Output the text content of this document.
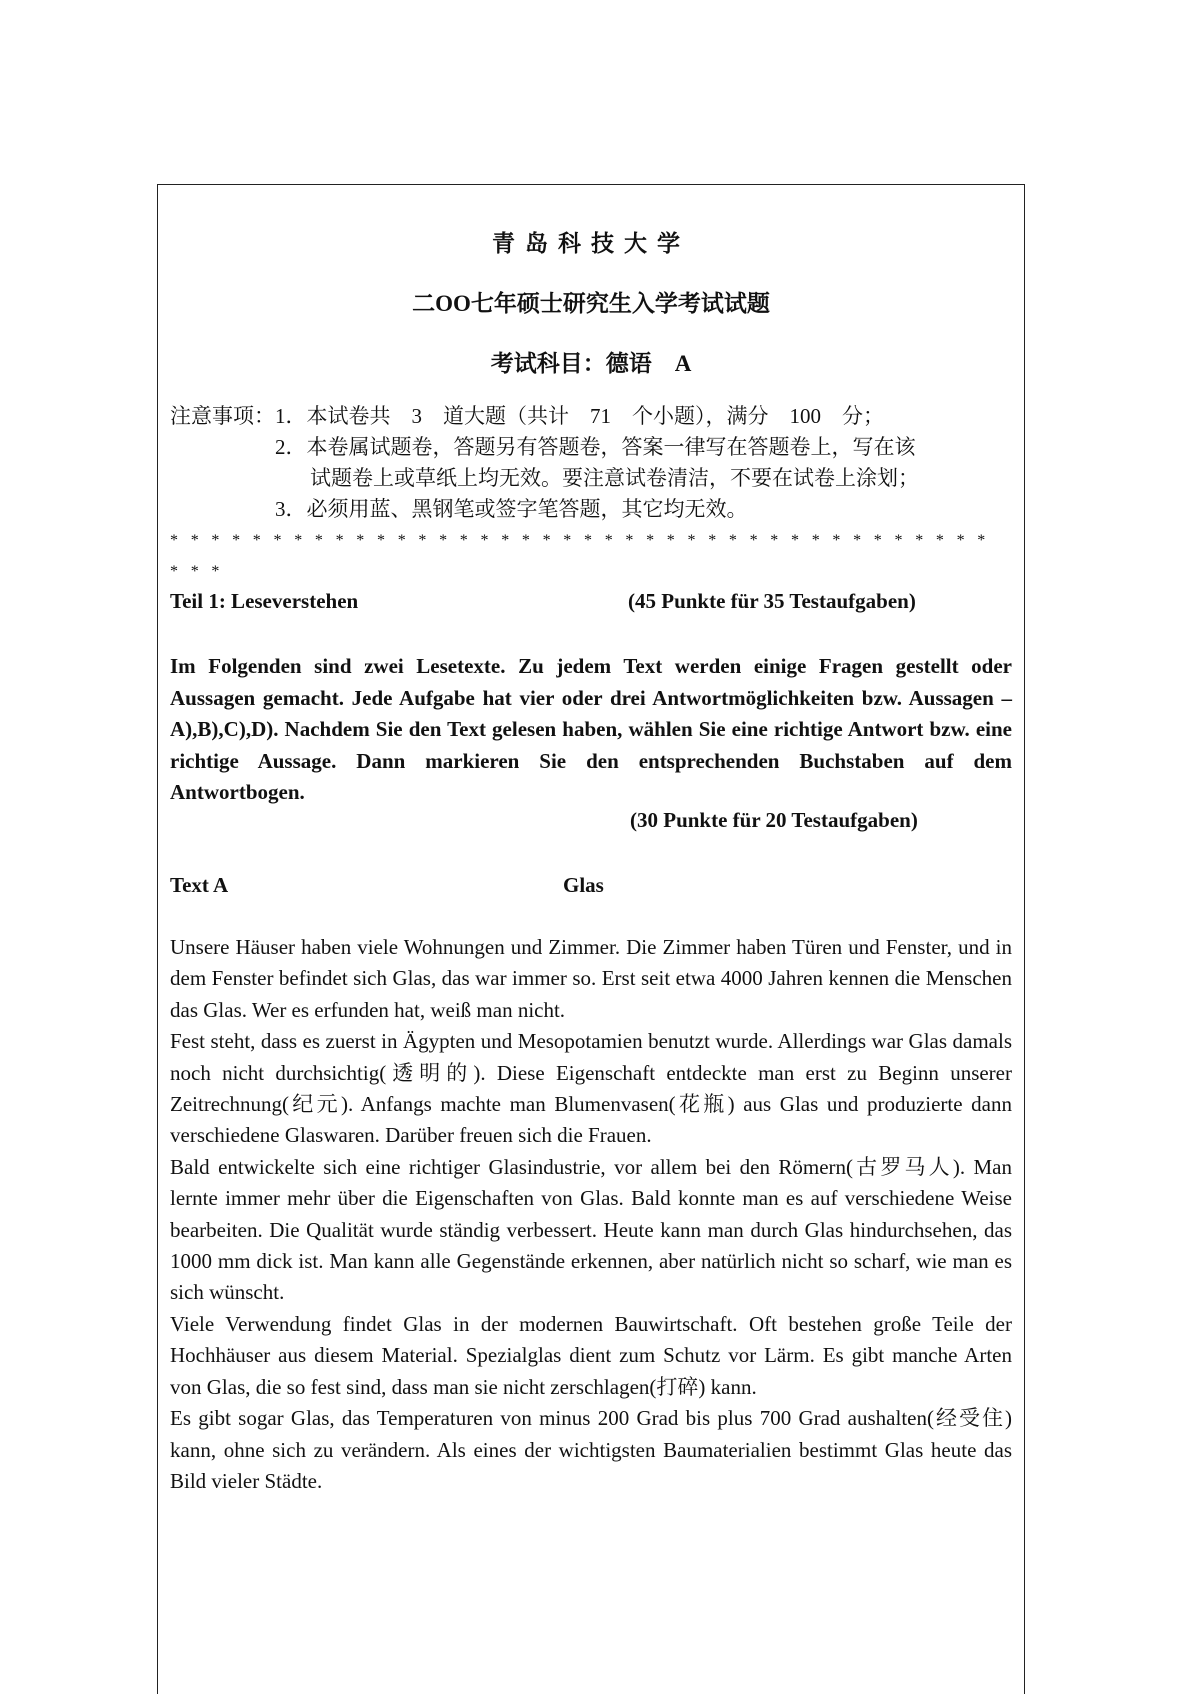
青岛科技大学
二OO七年硕士研究生入学考试试题
考试科目：德语　A
注意事项：1．本试卷共　3　道大题（共计　71　个小题），满分　100　分；
2．本卷属试题卷，答题另有答题卷，答案一律写在答题卷上，写在该
试题卷上或草纸上均无效。要注意试卷清洁，不要在试卷上涂划；
3．必须用蓝、黑钢笔或签字笔答题，其它均无效。
*******************************************
Teil 1: Leseverstehen	(45 Punkte für 35 Testaufgaben)
Im Folgenden sind zwei Lesetexte. Zu jedem Text werden einige Fragen gestellt oder Aussagen gemacht. Jede Aufgabe hat vier oder drei Antwortmöglichkeiten bzw. Aussagen – A),B),C),D). Nachdem Sie den Text gelesen haben, wählen Sie eine richtige Antwort bzw. eine richtige Aussage. Dann markieren Sie den entsprechenden Buchstaben auf dem Antwortbogen.
(30 Punkte für 20 Testaufgaben)
Text A	Glas

Unsere Häuser haben viele Wohnungen und Zimmer. Die Zimmer haben Türen und Fenster, und in dem Fenster befindet sich Glas, das war immer so. Erst seit etwa 4000 Jahren kennen die Menschen das Glas. Wer es erfunden hat, weiß man nicht.

Fest steht, dass es zuerst in Ägypten und Mesopotamien benutzt wurde. Allerdings war Glas damals noch nicht durchsichtig(透明的). Diese Eigenschaft entdeckte man erst zu Beginn unserer Zeitrechnung(纪元). Anfangs machte man Blumenvasen(花瓶) aus Glas und produzierte dann verschiedene Glaswaren. Darüber freuen sich die Frauen.

Bald entwickelte sich eine richtiger Glasindustrie, vor allem bei den Römern(古罗马人). Man lernte immer mehr über die Eigenschaften von Glas. Bald konnte man es auf verschiedene Weise bearbeiten. Die Qualität wurde ständig verbessert. Heute kann man durch Glas hindurchsehen, das 1000 mm dick ist. Man kann alle Gegenstände erkennen, aber natürlich nicht so scharf, wie man es sich wünscht.

Viele Verwendung findet Glas in der modernen Bauwirtschaft. Oft bestehen große Teile der Hochhäuser aus diesem Material. Spezialglas dient zum Schutz vor Lärm. Es gibt manche Arten von Glas, die so fest sind, dass man sie nicht zerschlagen(打碎) kann.

Es gibt sogar Glas, das Temperaturen von minus 200 Grad bis plus 700 Grad aushalten(经受住) kann, ohne sich zu verändern. Als eines der wichtigsten Baumaterialien bestimmt Glas heute das Bild vieler Städte.
